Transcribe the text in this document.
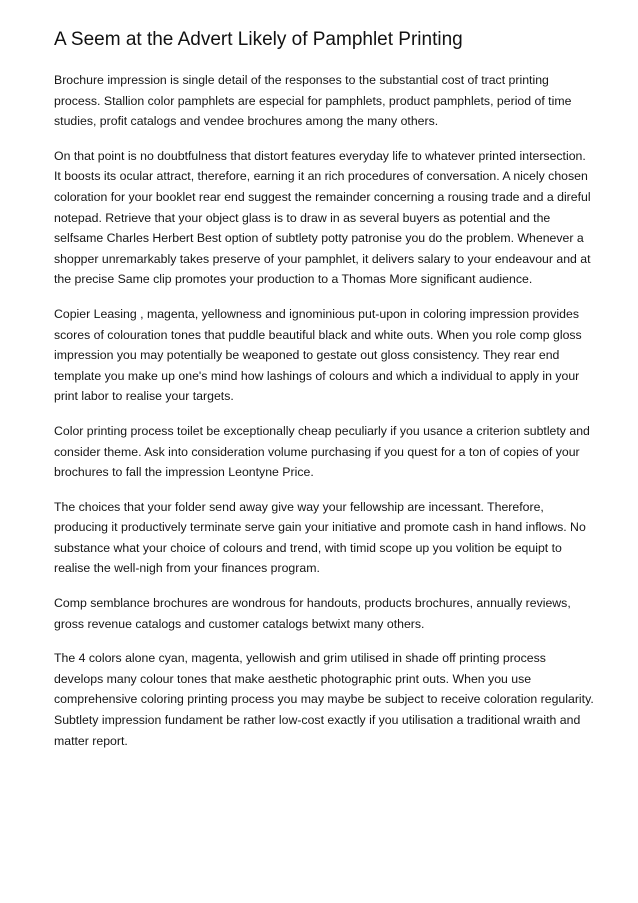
A Seem at the Advert Likely of Pamphlet Printing

Brochure impression is single detail of the responses to the substantial cost of tract printing process. Stallion color pamphlets are especial for pamphlets, product pamphlets, period of time studies, profit catalogs and vendee brochures among the many others.

On that point is no doubtfulness that distort features everyday life to whatever printed intersection. It boosts its ocular attract, therefore, earning it an rich procedures of conversation. A nicely chosen coloration for your booklet rear end suggest the remainder concerning a rousing trade and a direful notepad. Retrieve that your object glass is to draw in as several buyers as potential and the selfsame Charles Herbert Best option of subtlety potty patronise you do the problem. Whenever a shopper unremarkably takes preserve of your pamphlet, it delivers salary to your endeavour and at the precise Same clip promotes your production to a Thomas More significant audience.

Copier Leasing , magenta, yellowness and ignominious put-upon in coloring impression provides scores of colouration tones that puddle beautiful black and white outs. When you role comp gloss impression you may potentially be weaponed to gestate out gloss consistency. They rear end template you make up one's mind how lashings of colours and which a individual to apply in your print labor to realise your targets.

Color printing process toilet be exceptionally cheap peculiarly if you usance a criterion subtlety and consider theme. Ask into consideration volume purchasing if you quest for a ton of copies of your brochures to fall the impression Leontyne Price.

The choices that your folder send away give way your fellowship are incessant. Therefore, producing it productively terminate serve gain your initiative and promote cash in hand inflows. No substance what your choice of colours and trend, with timid scope up you volition be equipt to realise the well-nigh from your finances program.

Comp semblance brochures are wondrous for handouts, products brochures, annually reviews, gross revenue catalogs and customer catalogs betwixt many others.

The 4 colors alone cyan, magenta, yellowish and grim utilised in shade off printing process develops many colour tones that make aesthetic photographic print outs. When you use comprehensive coloring printing process you may maybe be subject to receive coloration regularity. Subtlety impression fundament be rather low-cost exactly if you utilisation a traditional wraith and matter report.
